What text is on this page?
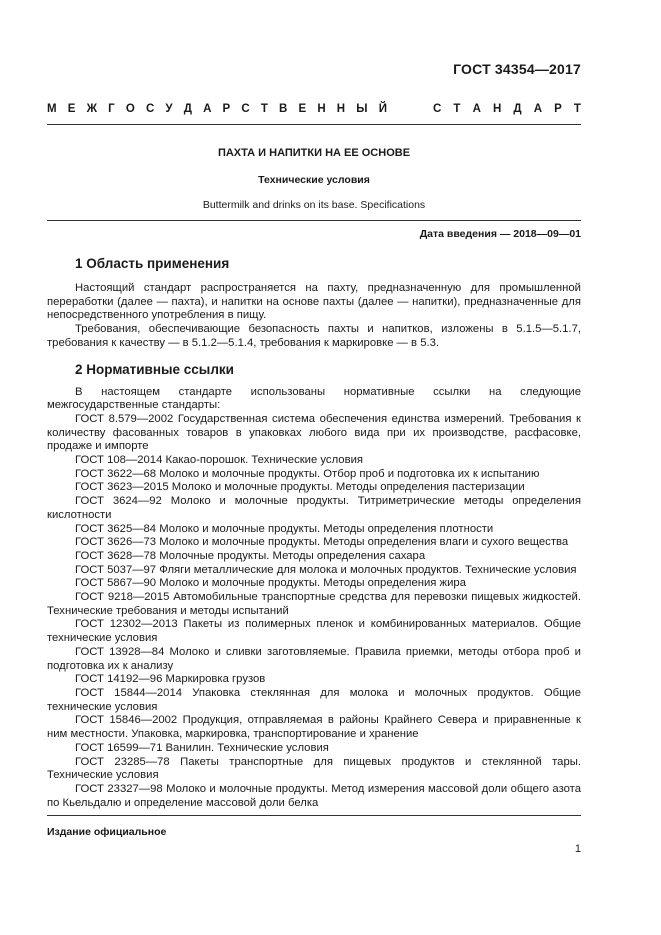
ГОСТ 34354—2017
М Е Ж Г О С У Д А Р С Т В Е Н Н Ы Й	С Т А Н Д А Р Т
ПАХТА И НАПИТКИ НА ЕЕ ОСНОВЕ
Технические условия
Buttermilk and drinks on its base. Specifications
Дата введения — 2018—09—01
1 Область применения

Настоящий стандарт распространяется на пахту, предназначенную для промышленной переработки (далее — пахта), и напитки на основе пахты (далее — напитки), предназначенные для непосредственного употребления в пищу.

Требования, обеспечивающие безопасность пахты и напитков, изложены в 5.1.5—5.1.7, требования к качеству — в 5.1.2—5.1.4, требования к маркировке — в 5.3.

2 Нормативные ссылки

В настоящем стандарте использованы нормативные ссылки на следующие межгосударственные стандарты:

ГОСТ 8.579—2002 Государственная система обеспечения единства измерений. Требования к количеству фасованных товаров в упаковках любого вида при их производстве, расфасовке, продаже и импорте

ГОСТ 108—2014 Какао-порошок. Технические условия

ГОСТ 3622—68 Молоко и молочные продукты. Отбор проб и подготовка их к испытанию

ГОСТ 3623—2015 Молоко и молочные продукты. Методы определения пастеризации

ГОСТ 3624—92 Молоко и молочные продукты. Титриметрические методы определения кислотности

ГОСТ 3625—84 Молоко и молочные продукты. Методы определения плотности

ГОСТ 3626—73 Молоко и молочные продукты. Методы определения влаги и сухого вещества

ГОСТ 3628—78 Молочные продукты. Методы определения сахара

ГОСТ 5037—97 Фляги металлические для молока и молочных продуктов. Технические условия

ГОСТ 5867—90 Молоко и молочные продукты. Методы определения жира

ГОСТ 9218—2015 Автомобильные транспортные средства для перевозки пищевых жидкостей. Технические требования и методы испытаний

ГОСТ 12302—2013 Пакеты из полимерных пленок и комбинированных материалов. Общие технические условия

ГОСТ 13928—84 Молоко и сливки заготовляемые. Правила приемки, методы отбора проб и подготовка их к анализу

ГОСТ 14192—96 Маркировка грузов

ГОСТ 15844—2014 Упаковка стеклянная для молока и молочных продуктов. Общие технические условия

ГОСТ 15846—2002 Продукция, отправляемая в районы Крайнего Севера и приравненные к ним местности. Упаковка, маркировка, транспортирование и хранение

ГОСТ 16599—71 Ванилин. Технические условия

ГОСТ 23285—78 Пакеты транспортные для пищевых продуктов и стеклянной тары. Технические условия

ГОСТ 23327—98 Молоко и молочные продукты. Метод измерения массовой доли общего азота по Кьельдалю и определение массовой доли белка

Издание официальное
1
